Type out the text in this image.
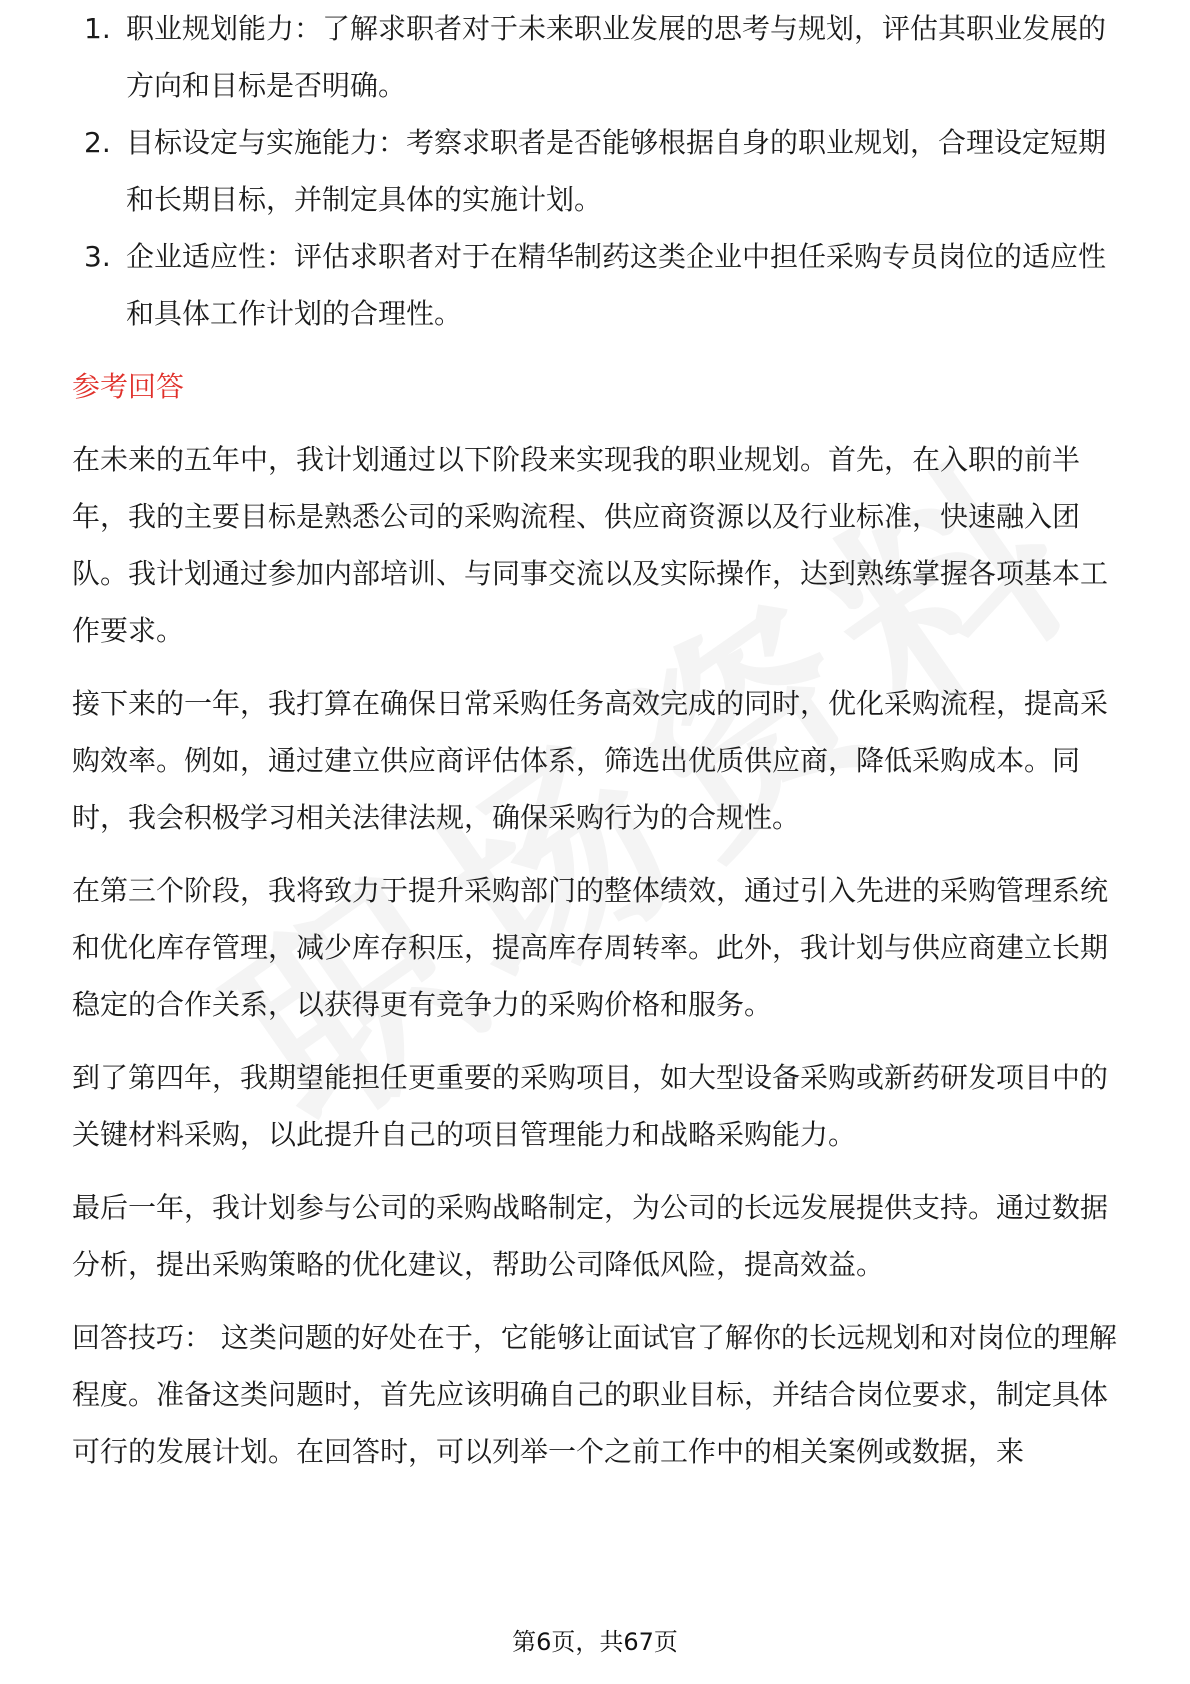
1. 职业规划能力：了解求职者对于未来职业发展的思考与规划，评估其职业发展的方向和目标是否明确。
2. 目标设定与实施能力：考察求职者是否能够根据自身的职业规划，合理设定短期和长期目标，并制定具体的实施计划。
3. 企业适应性：评估求职者对于在精华制药这类企业中担任采购专员岗位的适应性和具体工作计划的合理性。
参考回答

在未来的五年中，我计划通过以下阶段来实现我的职业规划。首先，在入职的前半年，我的主要目标是熟悉公司的采购流程、供应商资源以及行业标准，快速融入团队。我计划通过参加内部培训、与同事交流以及实际操作，达到熟练掌握各项基本工作要求。

接下来的一年，我打算在确保日常采购任务高效完成的同时，优化采购流程，提高采购效率。例如，通过建立供应商评估体系，筛选出优质供应商，降低采购成本。同时，我会积极学习相关法律法规，确保采购行为的合规性。

在第三个阶段，我将致力于提升采购部门的整体绩效，通过引入先进的采购管理系统和优化库存管理，减少库存积压，提高库存周转率。此外，我计划与供应商建立长期稳定的合作关系，以获得更有竞争力的采购价格和服务。

到了第四年，我期望能担任更重要的采购项目，如大型设备采购或新药研发项目中的关键材料采购，以此提升自己的项目管理能力和战略采购能力。

最后一年，我计划参与公司的采购战略制定，为公司的长远发展提供支持。通过数据分析，提出采购策略的优化建议，帮助公司降低风险，提高效益。

回答技巧： 这类问题的好处在于，它能够让面试官了解你的长远规划和对岗位的理解程度。准备这类问题时，首先应该明确自己的职业目标，并结合岗位要求，制定具体可行的发展计划。在回答时，可以列举一个之前工作中的相关案例或数据，来

第6页，共67页
